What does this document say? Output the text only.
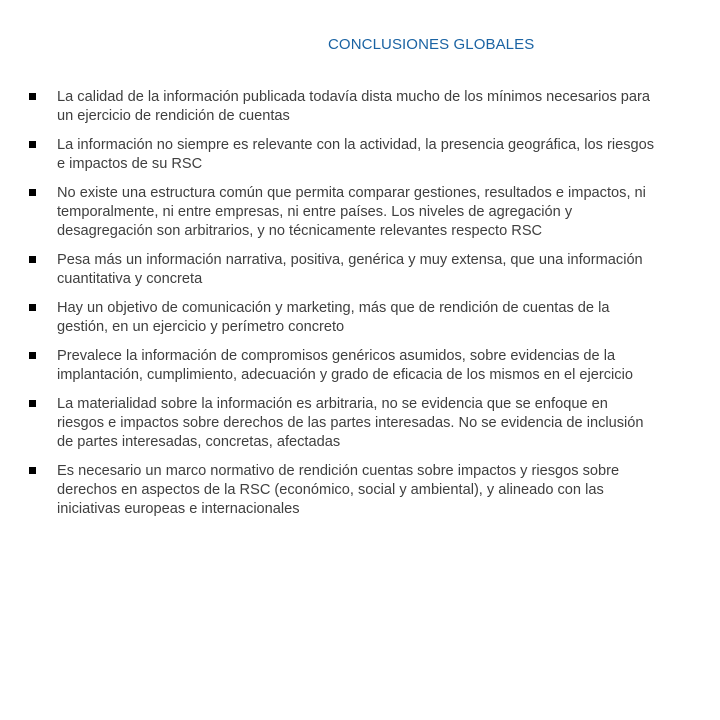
CONCLUSIONES GLOBALES
La calidad de la información publicada todavía dista mucho de los mínimos necesarios para
un ejercicio de rendición de cuentas
La información no siempre es relevante con la actividad, la presencia geográfica, los riesgos
e impactos de su RSC
No existe una estructura común que permita comparar gestiones, resultados e impactos, ni
temporalmente, ni entre empresas, ni entre países. Los niveles de agregación y
desagregación son arbitrarios, y no técnicamente relevantes respecto RSC
Pesa más un información narrativa, positiva, genérica y muy extensa, que una información
cuantitativa y concreta
Hay un objetivo de comunicación y marketing, más que de rendición de cuentas de la
gestión, en un ejercicio y perímetro concreto
Prevalece la información de compromisos genéricos asumidos, sobre evidencias de la
implantación, cumplimiento, adecuación y grado de eficacia de los mismos en el ejercicio
La materialidad sobre la información es arbitraria, no se evidencia que se enfoque en
riesgos e impactos sobre derechos de las partes interesadas. No se evidencia de inclusión
de partes interesadas, concretas, afectadas
Es necesario un marco normativo de rendición cuentas sobre impactos y riesgos sobre
derechos en aspectos de la RSC (económico, social y ambiental), y alineado con las
iniciativas europeas e internacionales
